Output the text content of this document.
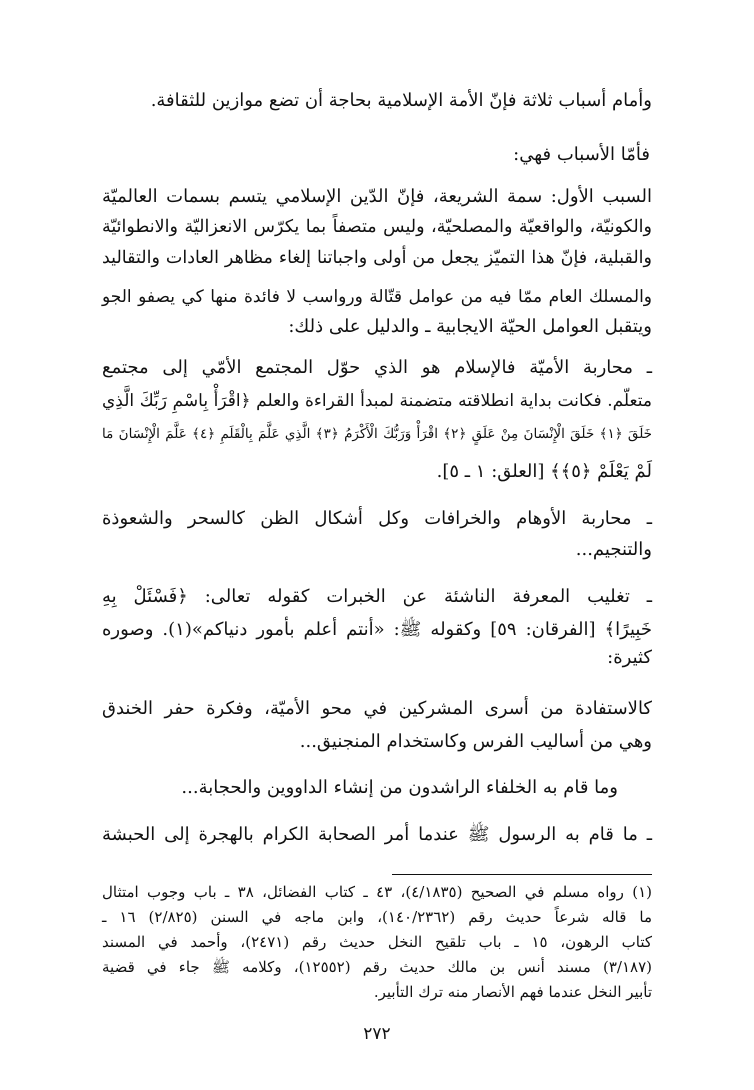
وأمام أسباب ثلاثة فإنّ الأمة الإسلامية بحاجة أن تضع موازين للثقافة.
فأمّا الأسباب فهي:
السبب الأول: سمة الشريعة، فإنّ الدّين الإسلامي يتسم بسمات العالميّة
والكونيّة، والواقعيّة والمصلحيّة، وليس متصفاً بما يكرّس الانعزاليّة والانطوائيّة
والقبلية، فإنّ هذا التميّز يجعل من أولى واجباتنا إلغاء مظاهر العادات والتقاليد
والمسلك العام ممّا فيه من عوامل قتّالة ورواسب لا فائدة منها كي يصفو الجو
ويتقبل العوامل الحيّة الايجابية ـ والدليل على ذلك:
ـ محاربة الأميّة فالإسلام هو الذي حوّل المجتمع الأمّي إلى مجتمع
متعلّم. فكانت بداية انطلاقته متضمنة لمبدأ القراءة والعلم ﴿اقْرَأْ بِاسْمِ رَبِّكَ الَّذِي
خَلَقَ ﴿١﴾ خَلَقَ الْإِنْسَانَ مِنْ عَلَقٍ ﴿٢﴾ اقْرَأْ وَرَبُّكَ الْأَكْرَمُ ﴿٣﴾ الَّذِي عَلَّمَ بِالْقَلَمِ ﴿٤﴾ عَلَّمَ الْإِنْسَانَ مَا
لَمْ يَعْلَمْ ﴿٥﴾﴾ [العلق: ١ ـ ٥].
ـ محاربة الأوهام والخرافات وكل أشكال الظن كالسحر والشعوذة
والتنجيم...
ـ تغليب المعرفة الناشئة عن الخبرات كقوله تعالى: ﴿فَسْئَلْ بِهِ
خَبِيرًا﴾ [الفرقان: ٥٩] وكقوله ﷺ: «أنتم أعلم بأمور دنياكم»(١). وصوره
كثيرة:
كالاستفادة من أسرى المشركين في محو الأميّة، وفكرة حفر الخندق
وهي من أساليب الفرس وكاستخدام المنجنيق...
وما قام به الخلفاء الراشدون من إنشاء الداووين والحجابة...
ـ ما قام به الرسول ﷺ عندما أمر الصحابة الكرام بالهجرة إلى الحبشة
(١) رواه مسلم في الصحيح (٤/١٨٣٥)، ٤٣ ـ كتاب الفضائل، ٣٨ ـ باب وجوب امتثال
ما قاله شرعاً حديث رقم (١٤٠/٢٣٦٢)، وابن ماجه في السنن (٢/٨٢٥) ١٦ ـ
كتاب الرهون، ١٥ ـ باب تلقيح النخل حديث رقم (٢٤٧١)، وأحمد في المسند
(٣/١٨٧) مسند أنس بن مالك حديث رقم (١٢٥٥٢)، وكلامه ﷺ جاء في قضية
تأبير النخل عندما فهم الأنصار منه ترك التأبير.
٢٧٢
